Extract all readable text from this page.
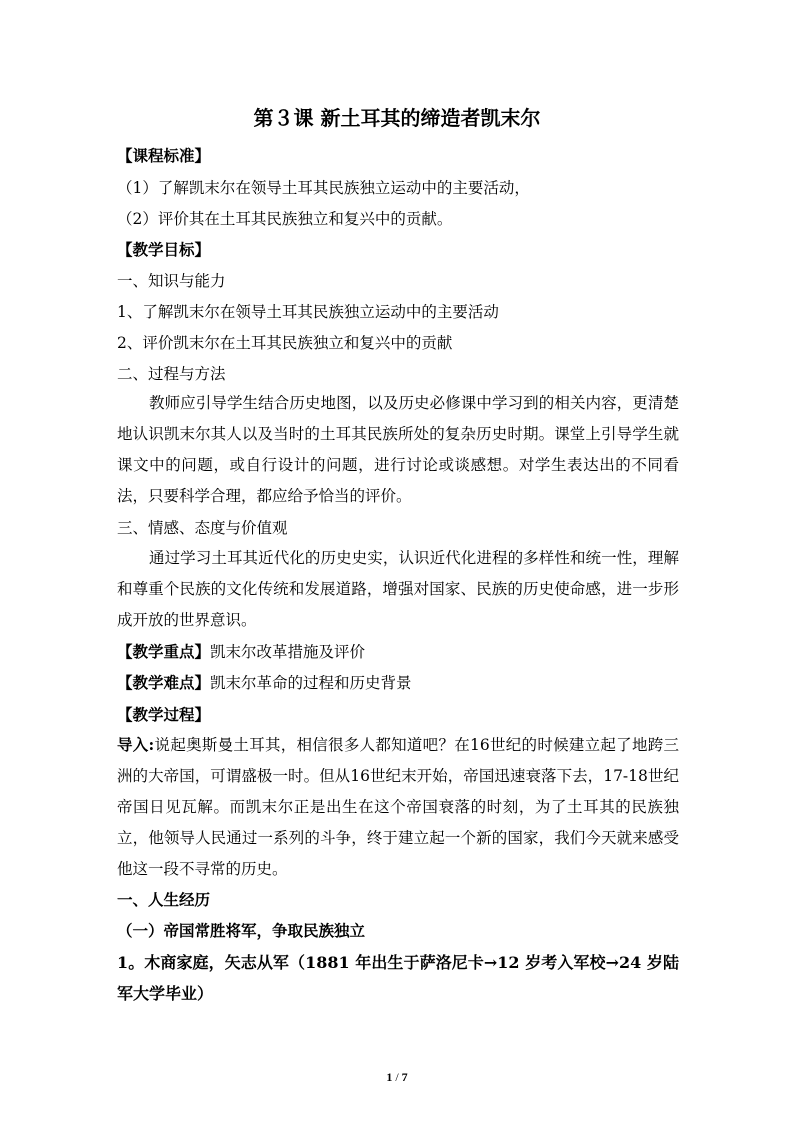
第３课 新土耳其的缔造者凯末尔
【课程标准】
（1）了解凯末尔在领导土耳其民族独立运动中的主要活动，
（2）评价其在土耳其民族独立和复兴中的贡献。
【教学目标】
一、知识与能力
1、了解凯末尔在领导土耳其民族独立运动中的主要活动
2、评价凯末尔在土耳其民族独立和复兴中的贡献
二、过程与方法
教师应引导学生结合历史地图，以及历史必修课中学习到的相关内容，更清楚地认识凯末尔其人以及当时的土耳其民族所处的复杂历史时期。课堂上引导学生就课文中的问题，或自行设计的问题，进行讨论或谈感想。对学生表达出的不同看法，只要科学合理，都应给予恰当的评价。
三、情感、态度与价值观
通过学习土耳其近代化的历史史实，认识近代化进程的多样性和统一性，理解和尊重个民族的文化传统和发展道路，增强对国家、民族的历史使命感，进一步形成开放的世界意识。
【教学重点】凯末尔改革措施及评价
【教学难点】凯末尔革命的过程和历史背景
【教学过程】
导入:说起奥斯曼土耳其，相信很多人都知道吧？在16世纪的时候建立起了地跨三洲的大帝国，可谓盛极一时。但从16世纪末开始，帝国迅速衰落下去，17-18世纪帝国日见瓦解。而凯末尔正是出生在这个帝国衰落的时刻，为了土耳其的民族独立，他领导人民通过一系列的斗争，终于建立起一个新的国家，我们今天就来感受他这一段不寻常的历史。
一、人生经历
（一）帝国常胜将军，争取民族独立
1。木商家庭，矢志从军（1881 年出生于萨洛尼卡→12 岁考入军校→24 岁陆军大学毕业）
1 / 7
